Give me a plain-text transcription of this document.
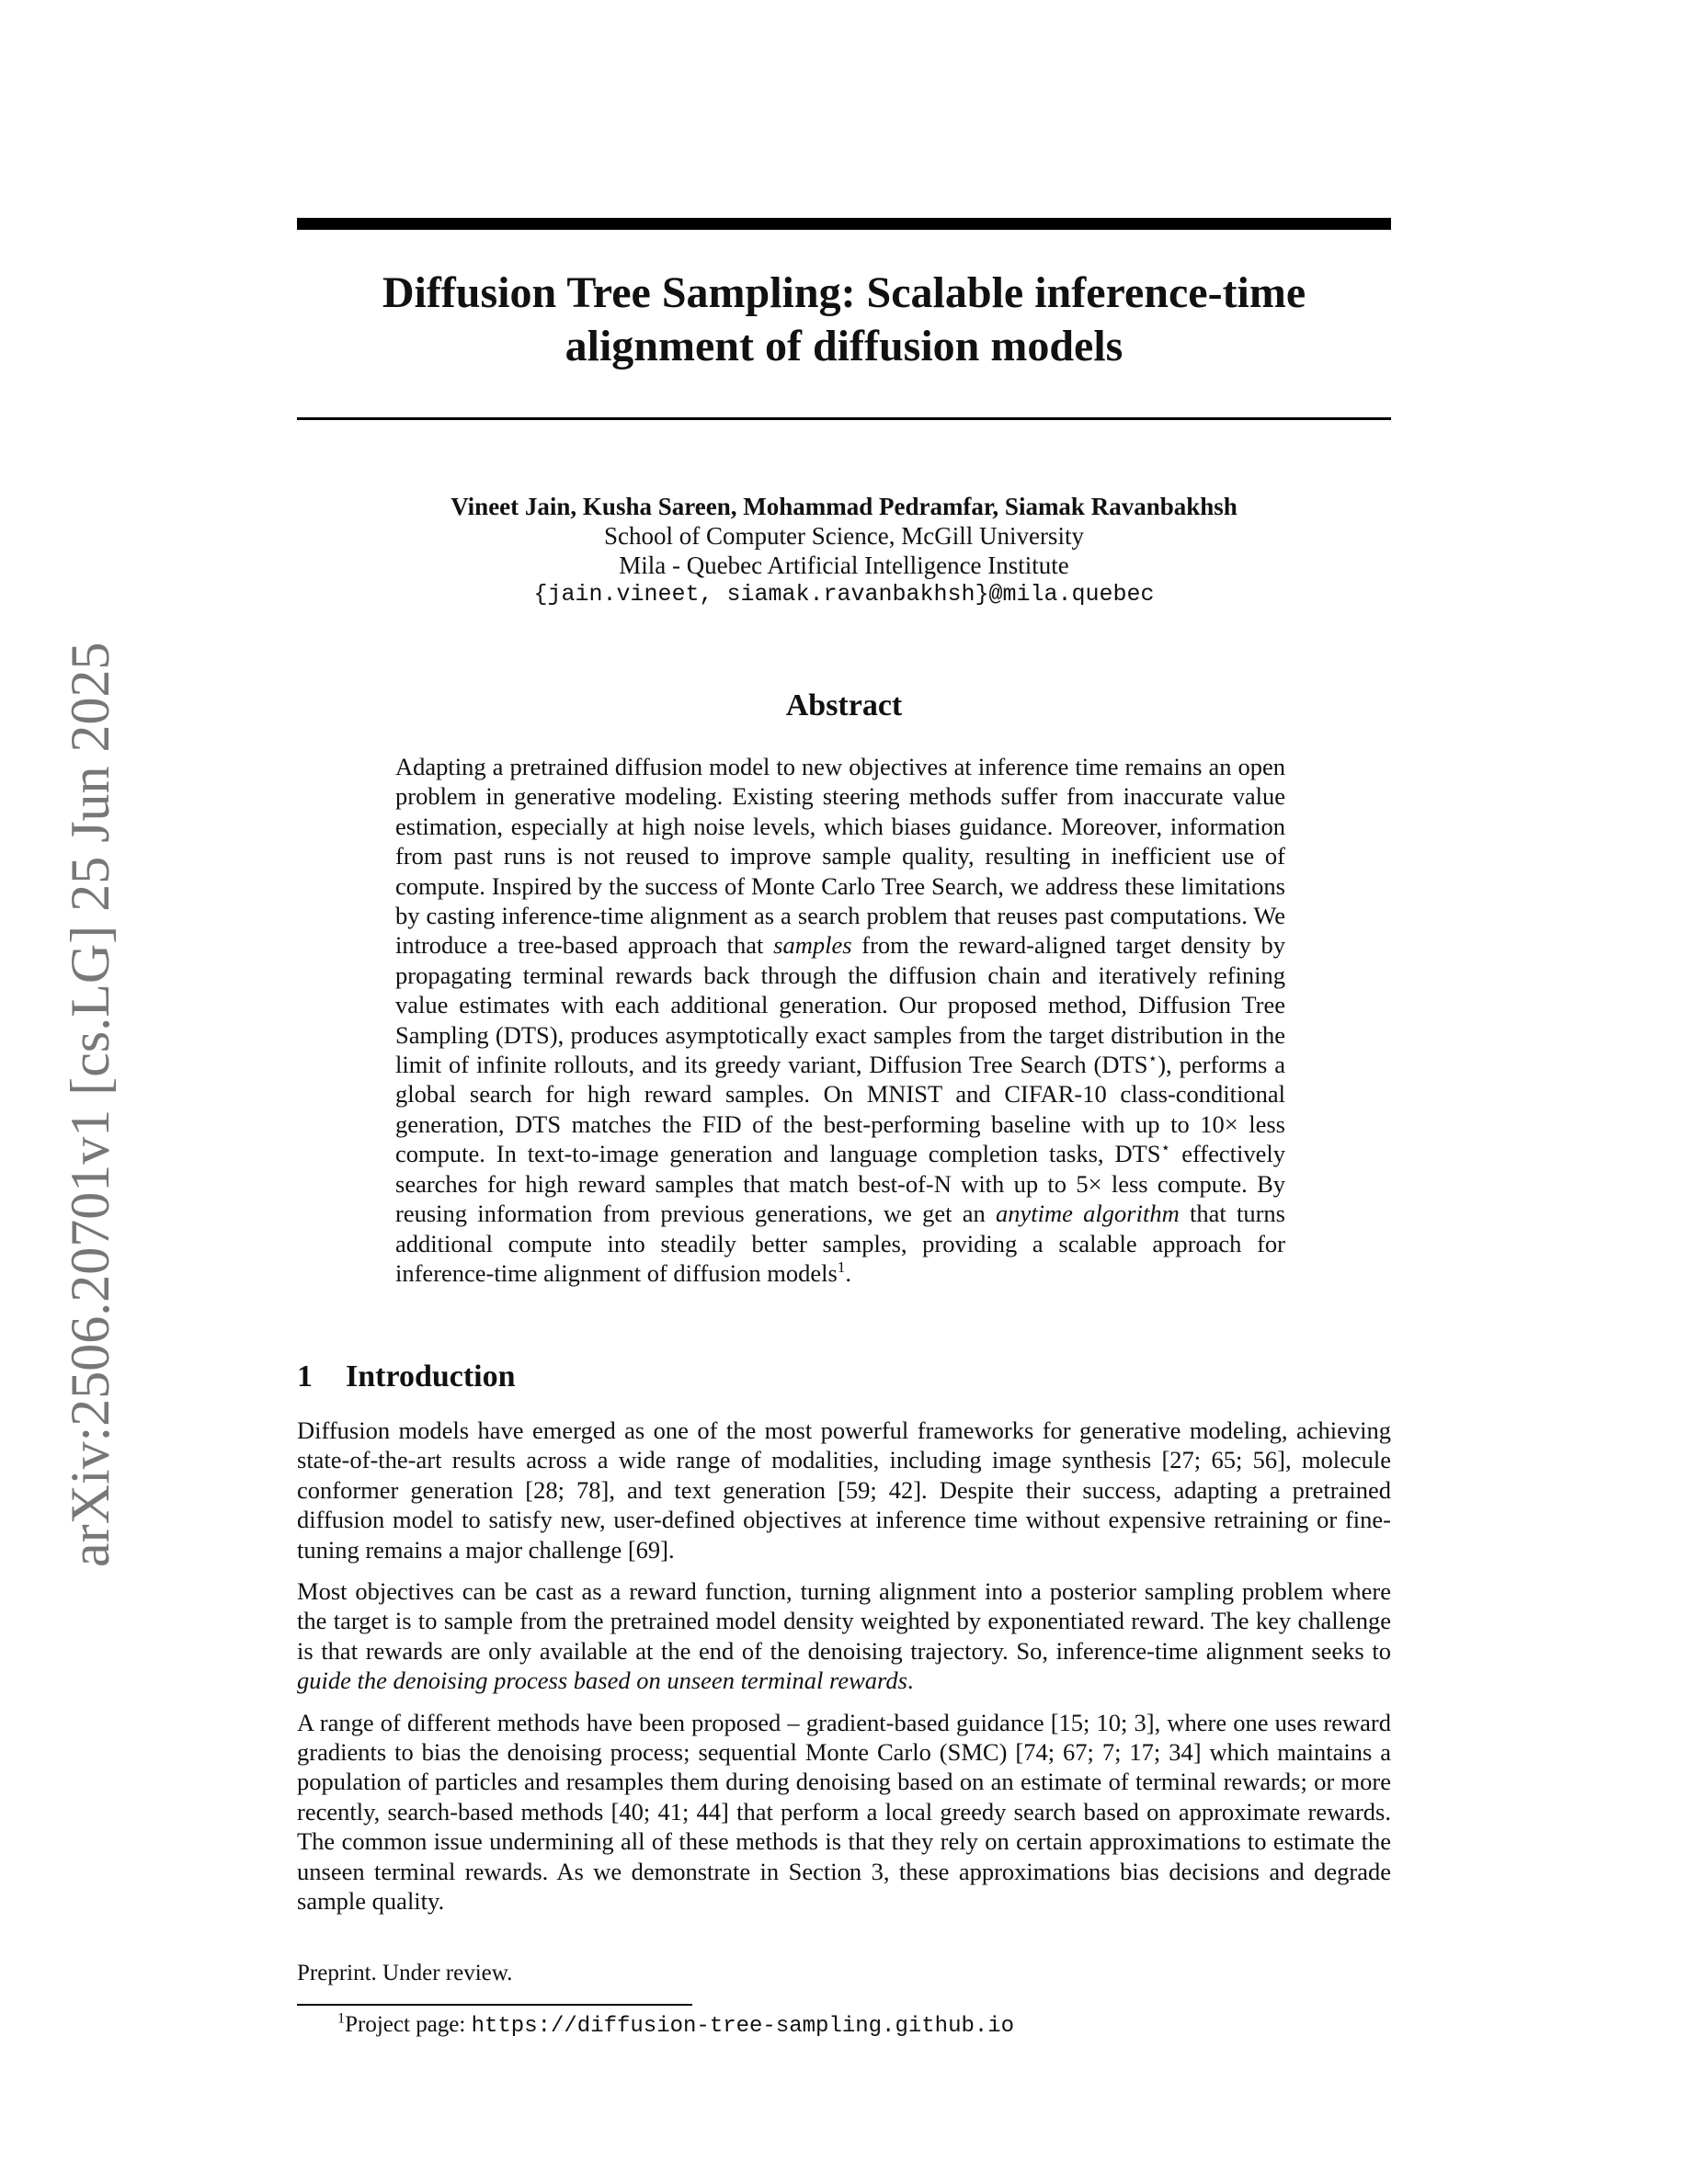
arXiv:2506.20701v1 [cs.LG] 25 Jun 2025
Diffusion Tree Sampling: Scalable inference-time
alignment of diffusion models
Vineet Jain, Kusha Sareen, Mohammad Pedramfar, Siamak Ravanbakhsh
School of Computer Science, McGill University
Mila - Quebec Artificial Intelligence Institute
{jain.vineet, siamak.ravanbakhsh}@mila.quebec
Abstract

Adapting a pretrained diffusion model to new objectives at inference time remains an open problem in generative modeling. Existing steering methods suffer from inaccurate value estimation, especially at high noise levels, which biases guidance. Moreover, information from past runs is not reused to improve sample quality, resulting in inefficient use of compute. Inspired by the success of Monte Carlo Tree Search, we address these limitations by casting inference-time alignment as a search problem that reuses past computations. We introduce a tree-based approach that samples from the reward-aligned target density by propagating terminal rewards back through the diffusion chain and iteratively refining value estimates with each additional generation. Our proposed method, Diffusion Tree Sampling (DTS), produces asymptotically exact samples from the target distribution in the limit of infinite rollouts, and its greedy variant, Diffusion Tree Search (DTS⋆), performs a global search for high reward samples. On MNIST and CIFAR-10 class-conditional generation, DTS matches the FID of the best-performing baseline with up to 10× less compute. In text-to-image generation and language completion tasks, DTS⋆ effectively searches for high reward samples that match best-of-N with up to 5× less compute. By reusing information from previous generations, we get an anytime algorithm that turns additional compute into steadily better samples, providing a scalable approach for inference-time alignment of diffusion models$^1$.

1 Introduction

Diffusion models have emerged as one of the most powerful frameworks for generative modeling, achieving state-of-the-art results across a wide range of modalities, including image synthesis [27; 65; 56], molecule conformer generation [28; 78], and text generation [59; 42]. Despite their success, adapting a pretrained diffusion model to satisfy new, user-defined objectives at inference time without expensive retraining or fine-tuning remains a major challenge [69].

Most objectives can be cast as a reward function, turning alignment into a posterior sampling problem where the target is to sample from the pretrained model density weighted by exponentiated reward. The key challenge is that rewards are only available at the end of the denoising trajectory. So, inference-time alignment seeks to guide the denoising process based on unseen terminal rewards.

A range of different methods have been proposed – gradient-based guidance [15; 10; 3], where one uses reward gradients to bias the denoising process; sequential Monte Carlo (SMC) [74; 67; 7; 17; 34] which maintains a population of particles and resamples them during denoising based on an estimate of terminal rewards; or more recently, search-based methods [40; 41; 44] that perform a local greedy search based on approximate rewards. The common issue undermining all of these methods is that they rely on certain approximations to estimate the unseen terminal rewards. As we demonstrate in Section 3, these approximations bias decisions and degrade sample quality.

Preprint. Under review.
$^1$Project page: https://diffusion-tree-sampling.github.io
